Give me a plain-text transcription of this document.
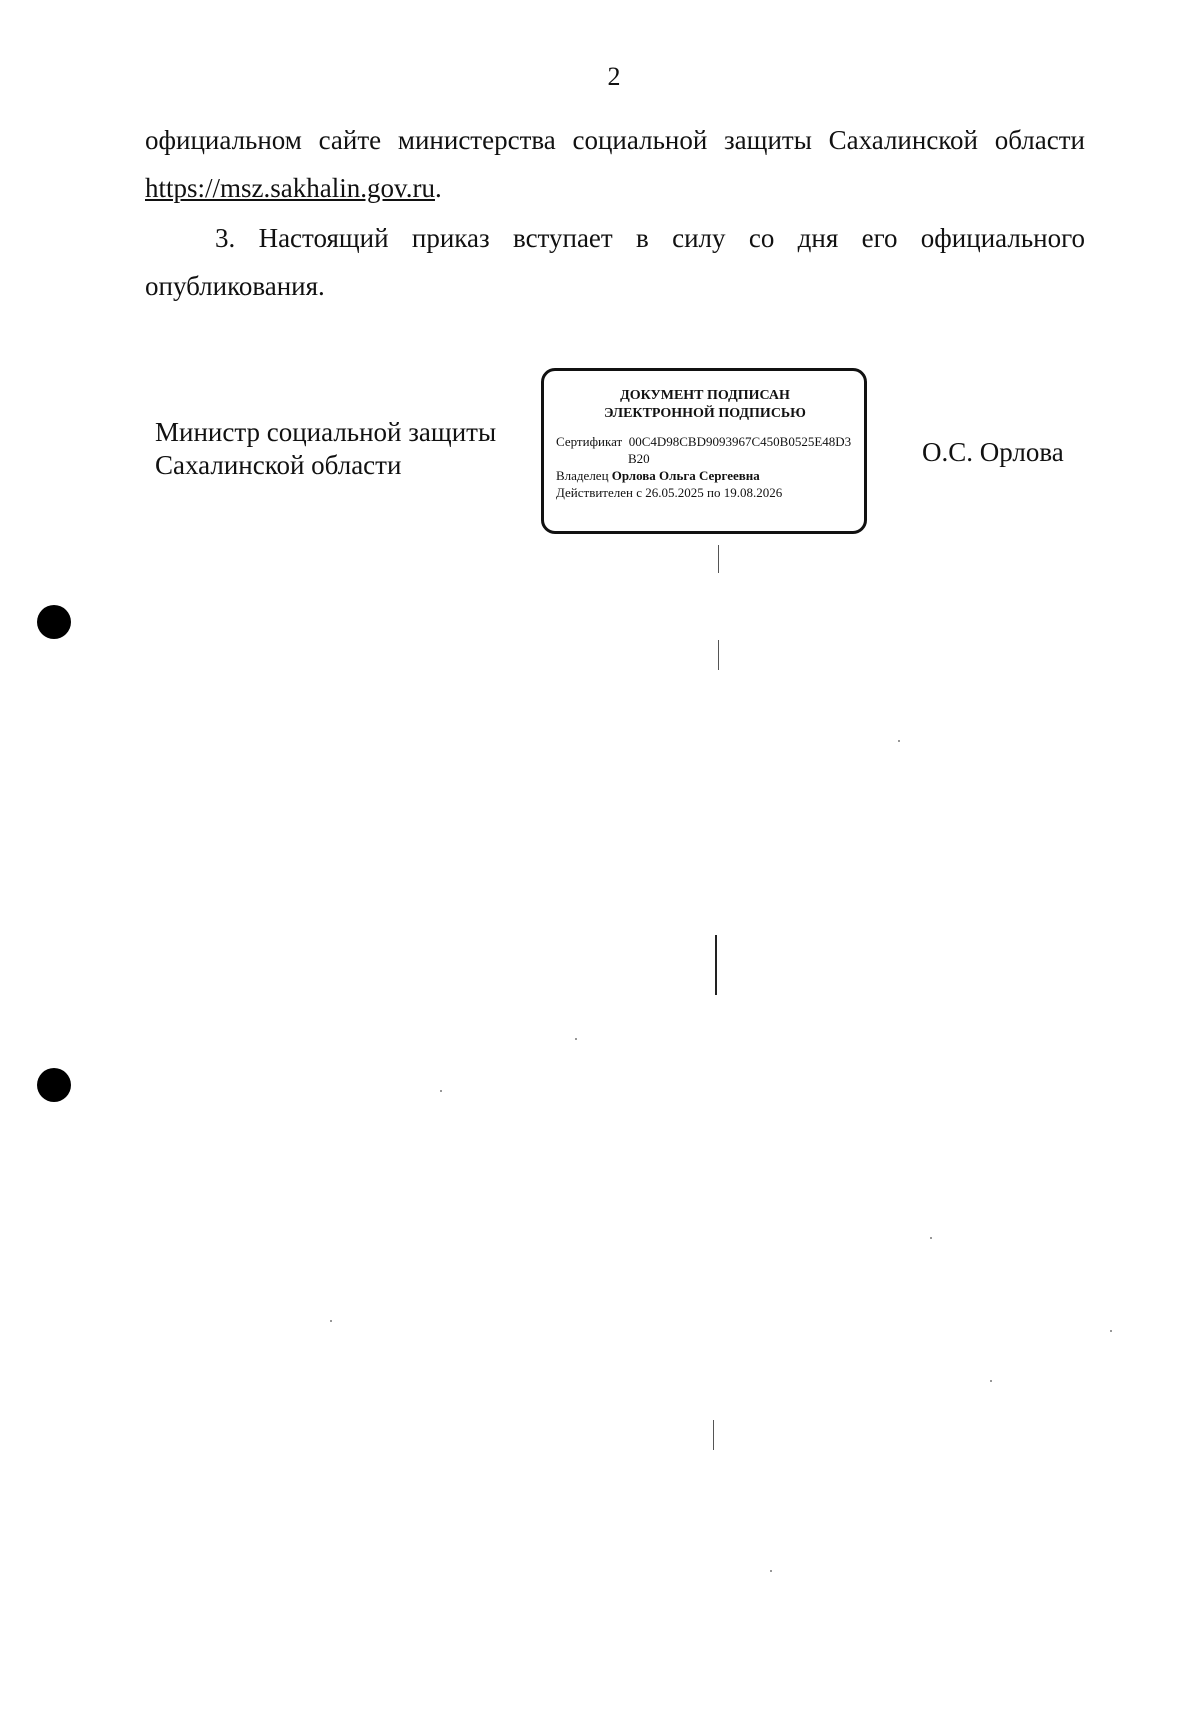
2
официальном сайте министерства социальной защиты Сахалинской области https://msz.sakhalin.gov.ru.
3. Настоящий приказ вступает в силу со дня его официального опубликования.
Министр социальной защиты
Сахалинской области
ДОКУМЕНТ ПОДПИСАН
ЭЛЕКТРОННОЙ ПОДПИСЬЮ
Сертификат 00C4D98CBD9093967C450B0525E48D3
B20
Владелец Орлова Ольга Сергеевна
Действителен с 26.05.2025 по 19.08.2026
О.С. Орлова
